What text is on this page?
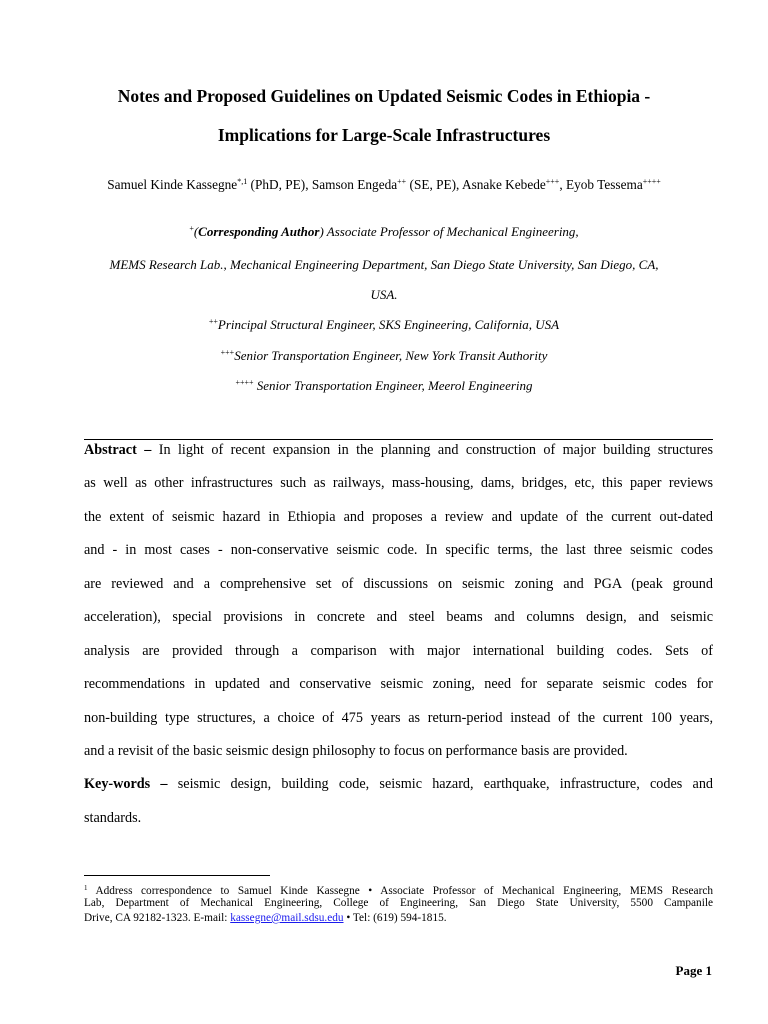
Notes and Proposed Guidelines on Updated Seismic Codes in Ethiopia -
Implications for Large-Scale Infrastructures
Samuel Kinde Kassegne$^{*,1}$ (PhD, PE), Samson Engeda++ (SE, PE), Asnake Kebede+++, Eyob Tessema++++
+(Corresponding Author) Associate Professor of Mechanical Engineering,
MEMS Research Lab., Mechanical Engineering Department, San Diego State University, San Diego, CA,
USA.
++Principal Structural Engineer, SKS Engineering, California, USA
+++Senior Transportation Engineer, New York Transit Authority
++++ Senior Transportation Engineer, Meerol Engineering
Abstract – In light of recent expansion in the planning and construction of major building structures
as well as other infrastructures such as railways, mass-housing, dams, bridges, etc, this paper reviews
the extent of seismic hazard in Ethiopia and proposes a review and update of the current out-dated
and - in most cases - non-conservative seismic code. In specific terms, the last three seismic codes
are reviewed and a comprehensive set of discussions on seismic zoning and PGA (peak ground
acceleration), special provisions in concrete and steel beams and columns design, and seismic
analysis are provided through a comparison with major international building codes. Sets of
recommendations in updated and conservative seismic zoning, need for separate seismic codes for
non-building type structures, a choice of 475 years as return-period instead of the current 100 years,
and a revisit of the basic seismic design philosophy to focus on performance basis are provided.
Key-words – seismic design, building code, seismic hazard, earthquake, infrastructure, codes and
standards.
$^1$ Address correspondence to Samuel Kinde Kassegne • Associate Professor of Mechanical Engineering, MEMS Research
Lab, Department of Mechanical Engineering, College of Engineering, San Diego State University, 5500 Campanile
Drive, CA 92182-1323. E-mail: kassegne@mail.sdsu.edu • Tel: (619) 594-1815.
Page 1
